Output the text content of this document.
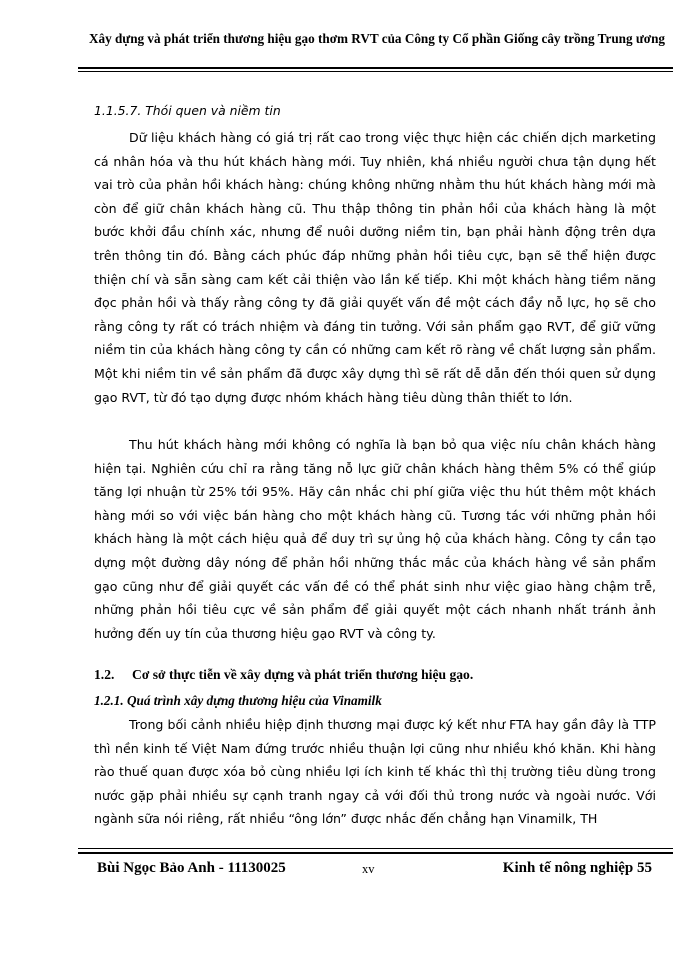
Xây dựng và phát triển thương hiệu gạo thơm RVT của Công ty Cổ phần Giống cây trồng Trung ương
1.1.5.7. Thói quen và niềm tin

Dữ liệu khách hàng có giá trị rất cao trong việc thực hiện các chiến dịch marketing cá nhân hóa và thu hút khách hàng mới. Tuy nhiên, khá nhiều người chưa tận dụng hết vai trò của phản hồi khách hàng: chúng không những nhằm thu hút khách hàng mới mà còn để giữ chân khách hàng cũ. Thu thập thông tin phản hồi của khách hàng là một bước khởi đầu chính xác, nhưng để nuôi dưỡng niềm tin, bạn phải hành động trên dựa trên thông tin đó. Bằng cách phúc đáp những phản hồi tiêu cực, bạn sẽ thể hiện được thiện chí và sẵn sàng cam kết cải thiện vào lần kế tiếp. Khi một khách hàng tiềm năng đọc phản hồi và thấy rằng công ty đã giải quyết vấn đề một cách đầy nỗ lực, họ sẽ cho rằng công ty rất có trách nhiệm và đáng tin tưởng. Với sản phẩm gạo RVT, để giữ vững niềm tin của khách hàng công ty cần có những cam kết rõ ràng về chất lượng sản phẩm. Một khi niềm tin về sản phẩm đã được xây dựng thì sẽ rất dễ dẫn đến thói quen sử dụng gạo RVT, từ đó tạo dựng được nhóm khách hàng tiêu dùng thân thiết to lớn.

Thu hút khách hàng mới không có nghĩa là bạn bỏ qua việc níu chân khách hàng hiện tại. Nghiên cứu chỉ ra rằng tăng nỗ lực giữ chân khách hàng thêm 5% có thể giúp tăng lợi nhuận từ 25% tới 95%. Hãy cân nhắc chi phí giữa việc thu hút thêm một khách hàng mới so với việc bán hàng cho một khách hàng cũ. Tương tác với những phản hồi khách hàng là một cách hiệu quả để duy trì sự ủng hộ của khách hàng. Công ty cần tạo dựng một đường dây nóng để phản hồi những thắc mắc của khách hàng về sản phẩm gạo cũng như để giải quyết các vấn đề có thể phát sinh như việc giao hàng chậm trễ, những phản hồi tiêu cực về sản phẩm để giải quyết một cách nhanh nhất tránh ảnh hưởng đến uy tín của thương hiệu gạo RVT và công ty.

1.2. Cơ sở thực tiễn về xây dựng và phát triển thương hiệu gạo.
1.2.1. Quá trình xây dựng thương hiệu của Vinamilk

Trong bối cảnh nhiều hiệp định thương mại được ký kết như FTA hay gần đây là TTP thì nền kinh tế Việt Nam đứng trước nhiều thuận lợi cũng như nhiều khó khăn. Khi hàng rào thuế quan được xóa bỏ cùng nhiều lợi ích kinh tế khác thì thị trường tiêu dùng trong nước gặp phải nhiều sự cạnh tranh ngay cả với đối thủ trong nước và ngoài nước. Với ngành sữa nói riêng, rất nhiều “ông lớn” được nhắc đến chẳng hạn Vinamilk, TH

Bùi Ngọc Bảo Anh - 11130025	xv	Kinh tế nông nghiệp 55
